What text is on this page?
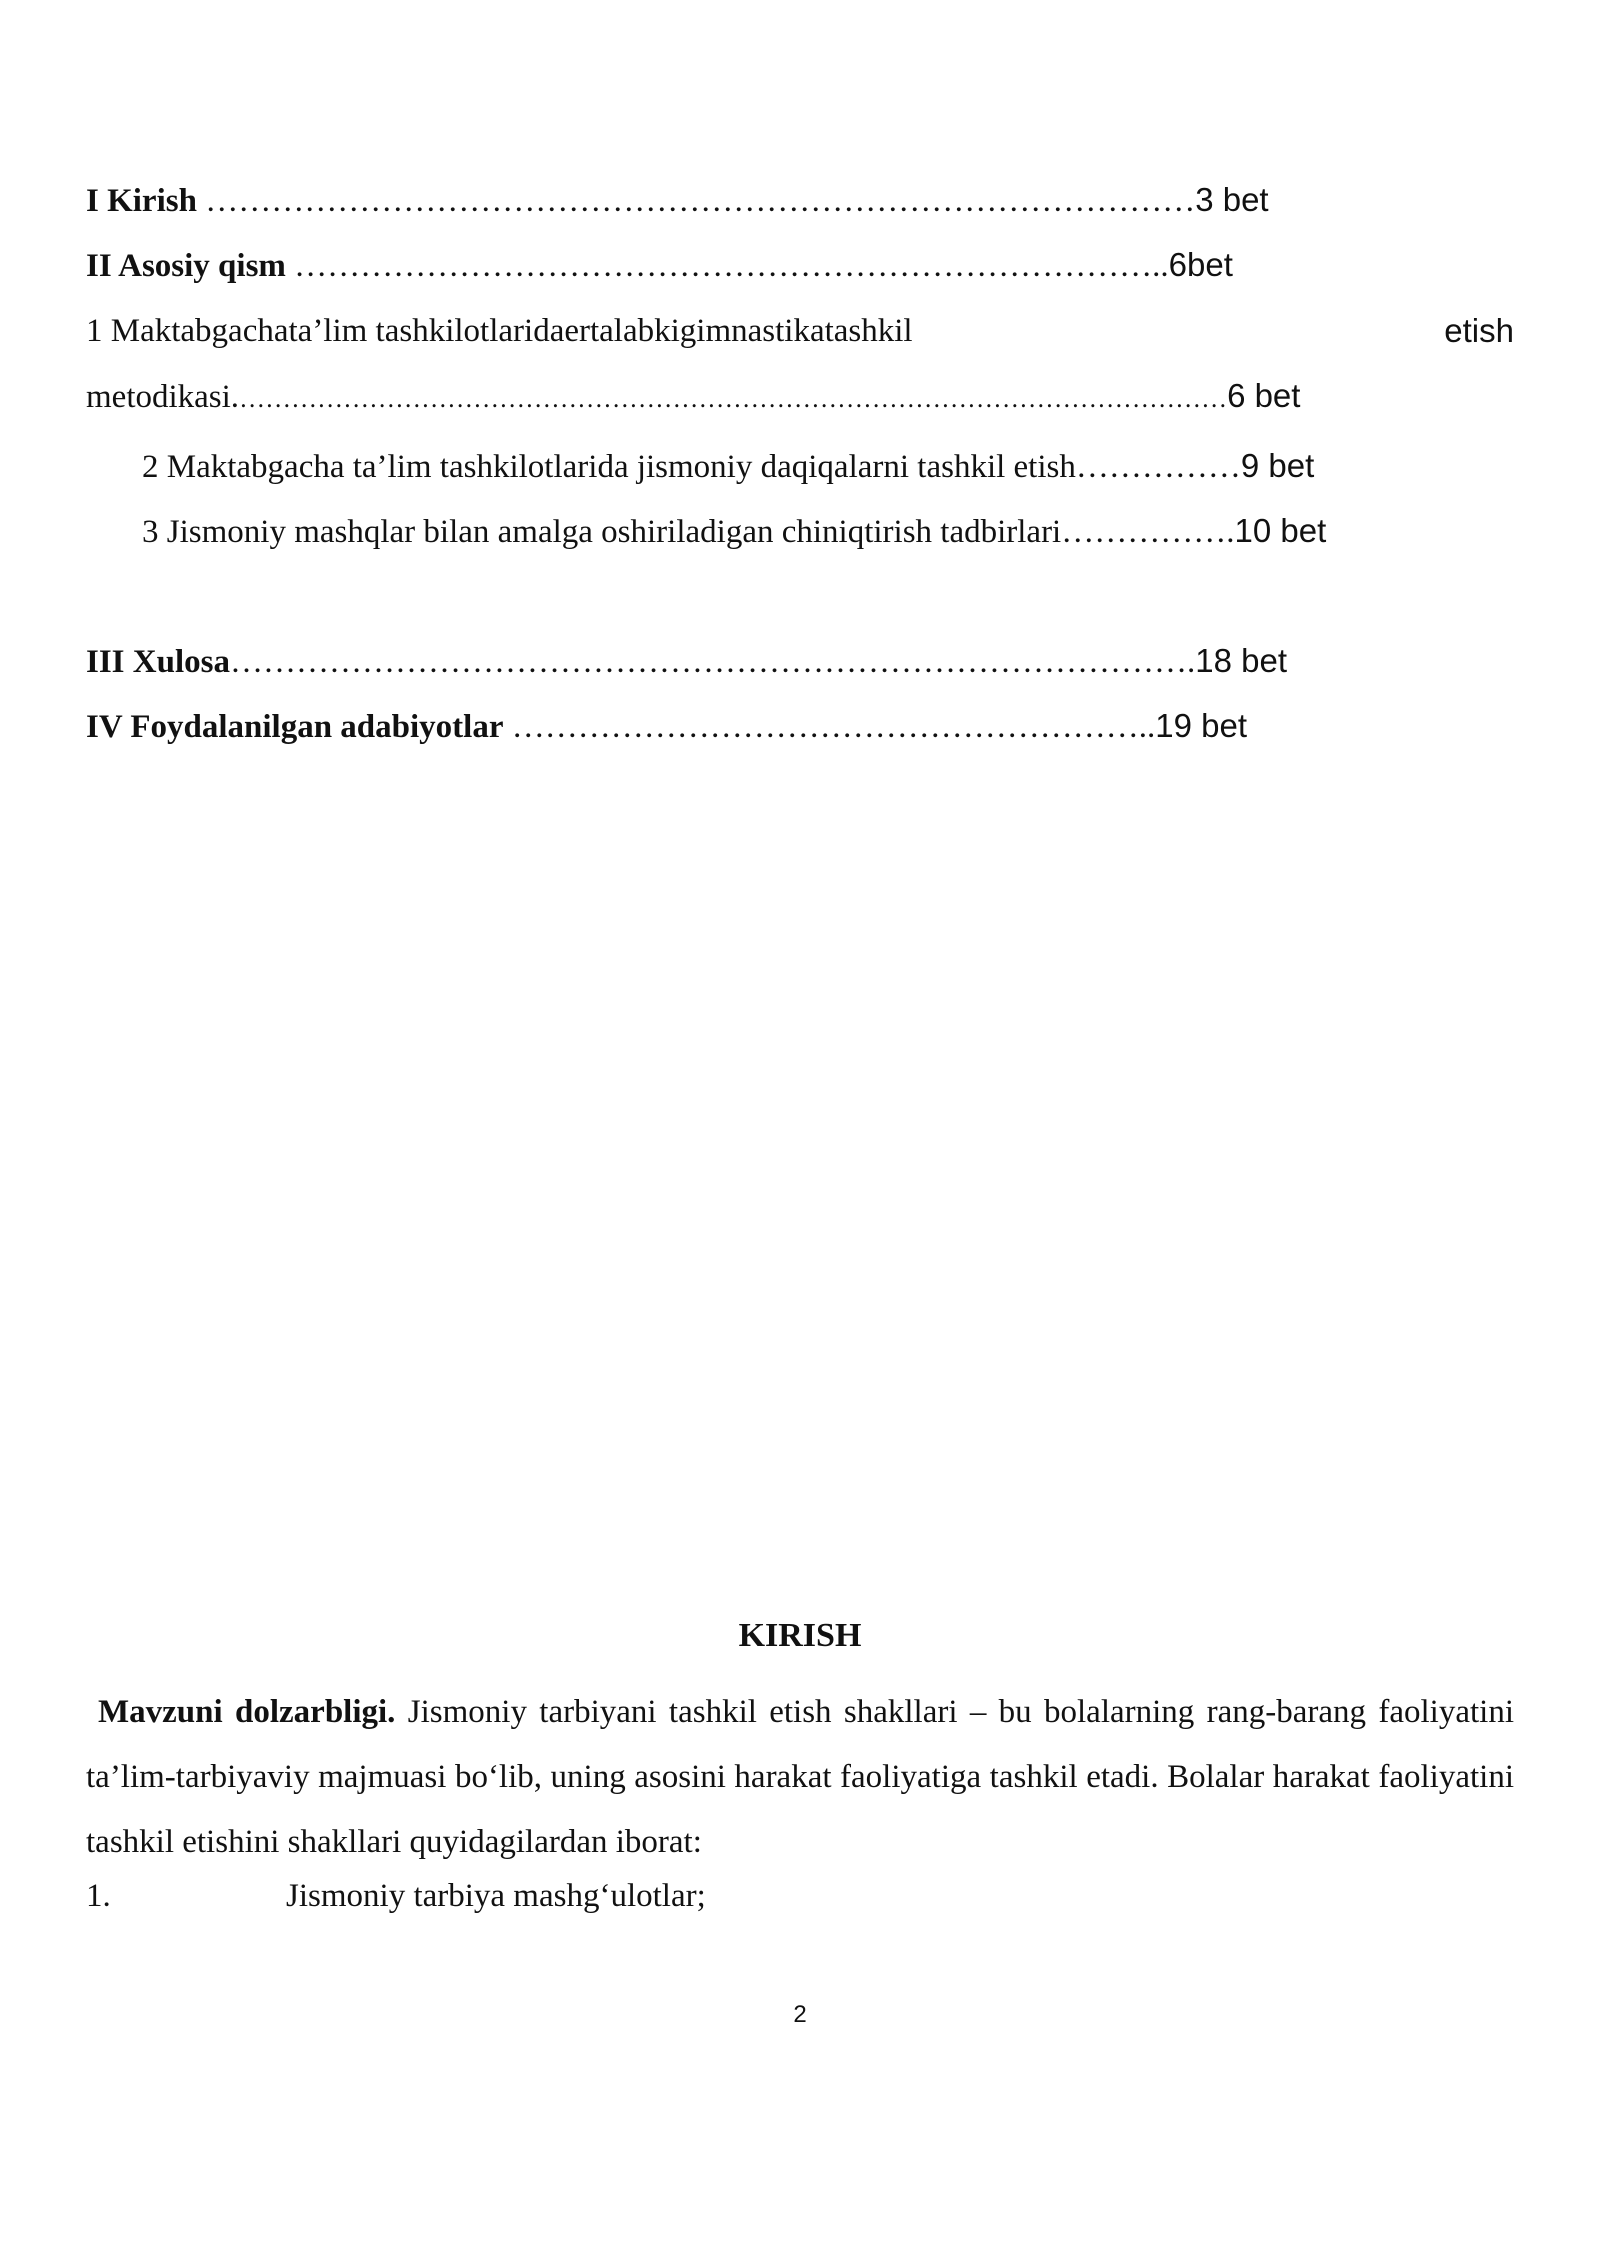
I Kirish ………………………………………………………………………………3 bet
II Asosiy qism ……………………………………………………………………..6bet
1 Maktabgacha ta’lim tashkilotlarida ertalabki gimnastika tashkil	etish
metodikasi.……………………………………………………………………………………………………6 bet
2 Maktabgacha ta’lim tashkilotlarida jismoniy daqiqalarni tashkil etish……………9 bet
3 Jismoniy mashqlar bilan amalga oshiriladigan chiniqtirish tadbirlari…………….10 bet
III Xulosa…………………………………………………………………………….18 bet
IV Foydalanilgan adabiyotlar …………………………………………………..19 bet
KIRISH
Mavzuni dolzarbligi. Jismoniy tarbiyani tashkil etish shakllari – bu bolalarning rang-barang faoliyatini ta’lim-tarbiyaviy majmuasi bo‘lib, uning asosini harakat faoliyatiga tashkil etadi. Bolalar harakat faoliyatini tashkil etishini shakllari quyidagilardan iborat:
1.	Jismoniy tarbiya mashg‘ulotlar;
2
